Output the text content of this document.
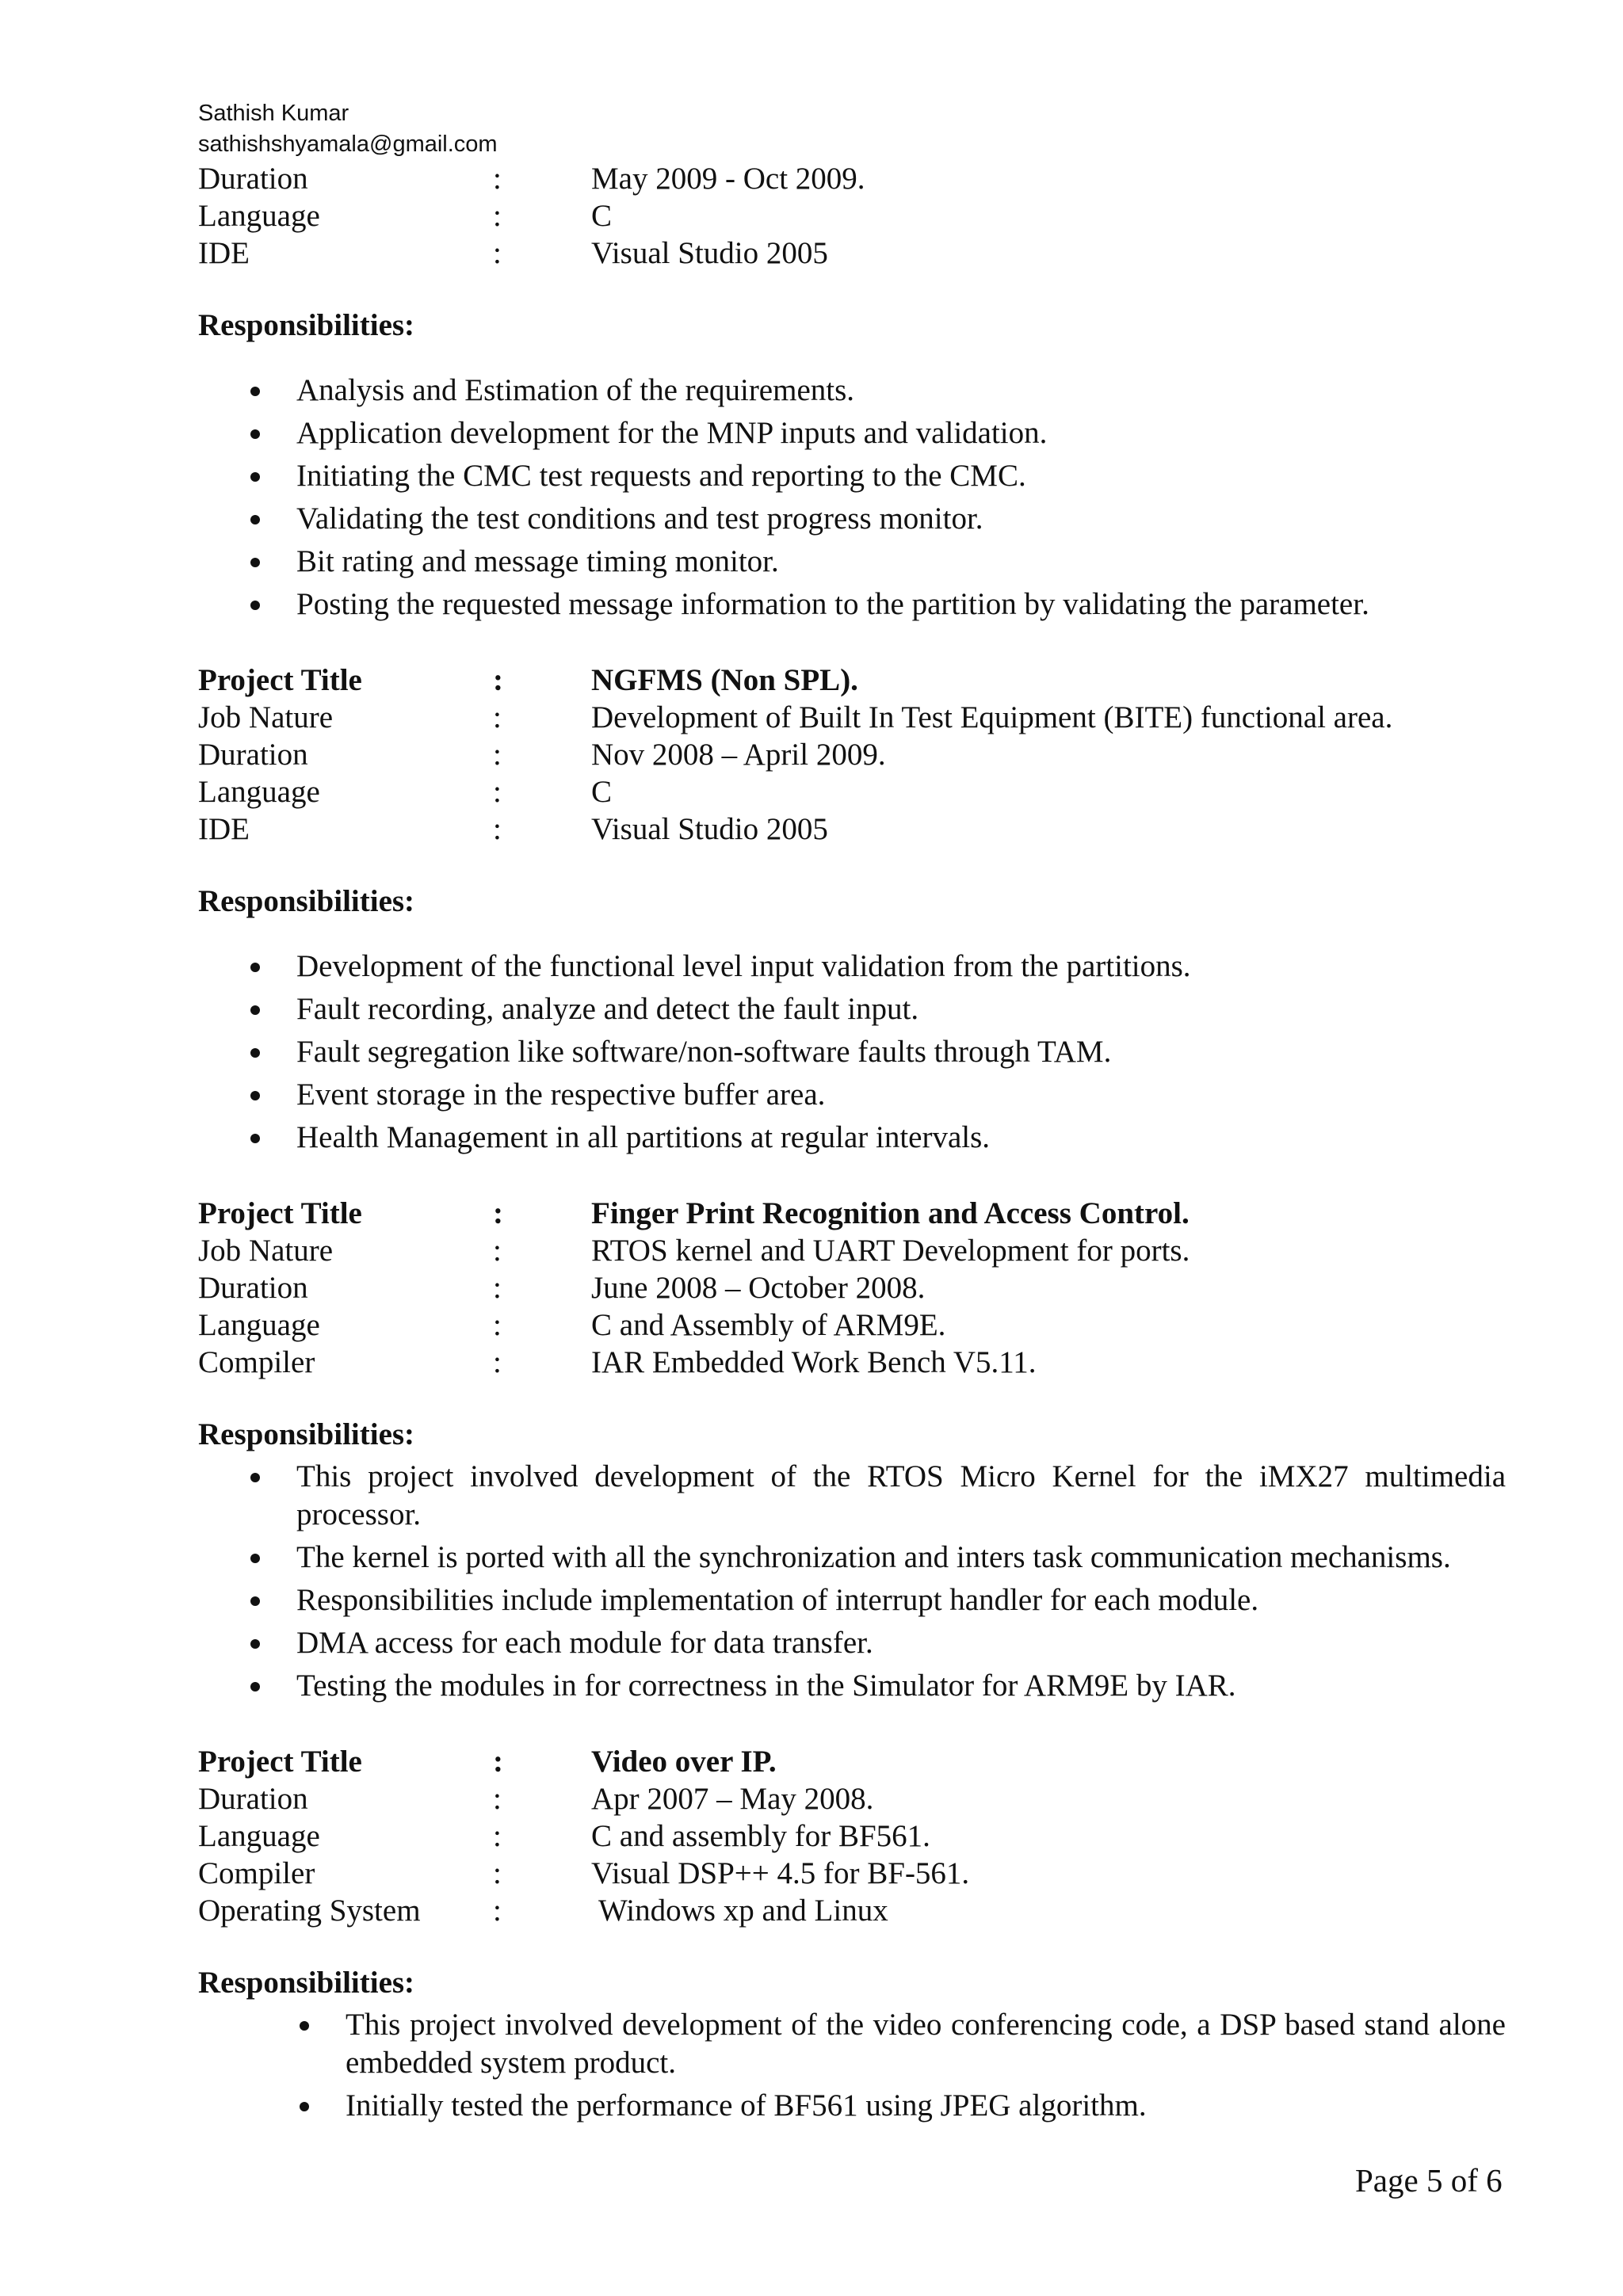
Sathish Kumar
sathishshyamala@gmail.com
Duration	:	May 2009 - Oct 2009.
Language	:	C
IDE	:	Visual Studio 2005
Responsibilities:
Analysis and Estimation of the requirements.
Application development for the MNP inputs and validation.
Initiating the CMC test requests and reporting to the CMC.
Validating the test conditions and test progress monitor.
Bit rating and message timing monitor.
Posting the requested message information to the partition by validating the parameter.
Project Title	:	NGFMS (Non SPL).
Job Nature	:	Development of Built In Test Equipment (BITE) functional area.
Duration	:	Nov 2008 – April 2009.
Language	:	C
IDE	:	Visual Studio 2005
Responsibilities:
Development of the functional level input validation from the partitions.
Fault recording, analyze and detect the fault input.
Fault segregation like software/non-software faults through TAM.
Event storage in the respective buffer area.
Health Management in all partitions at regular intervals.
Project Title	:	Finger Print Recognition and Access Control.
Job Nature	:	RTOS kernel and UART Development for ports.
Duration	:	June 2008 – October 2008.
Language	:	C and Assembly of ARM9E.
Compiler	:	IAR Embedded Work Bench V5.11.
Responsibilities:
This project involved development of the RTOS Micro Kernel for the iMX27 multimedia processor.
The kernel is ported with all the synchronization and inters task communication mechanisms.
Responsibilities include implementation of interrupt handler for each module.
DMA access for each module for data transfer.
Testing the modules in for correctness in the Simulator for ARM9E by IAR.
Project Title	:	Video over IP.
Duration	:	Apr 2007 – May 2008.
Language	:	C and assembly for BF561.
Compiler	:	Visual DSP++ 4.5 for BF-561.
Operating System :	Windows xp and Linux
Responsibilities:
This project involved development of the video conferencing code, a DSP based stand alone embedded system product.
Initially tested the performance of BF561 using JPEG algorithm.
Page 5 of 6
